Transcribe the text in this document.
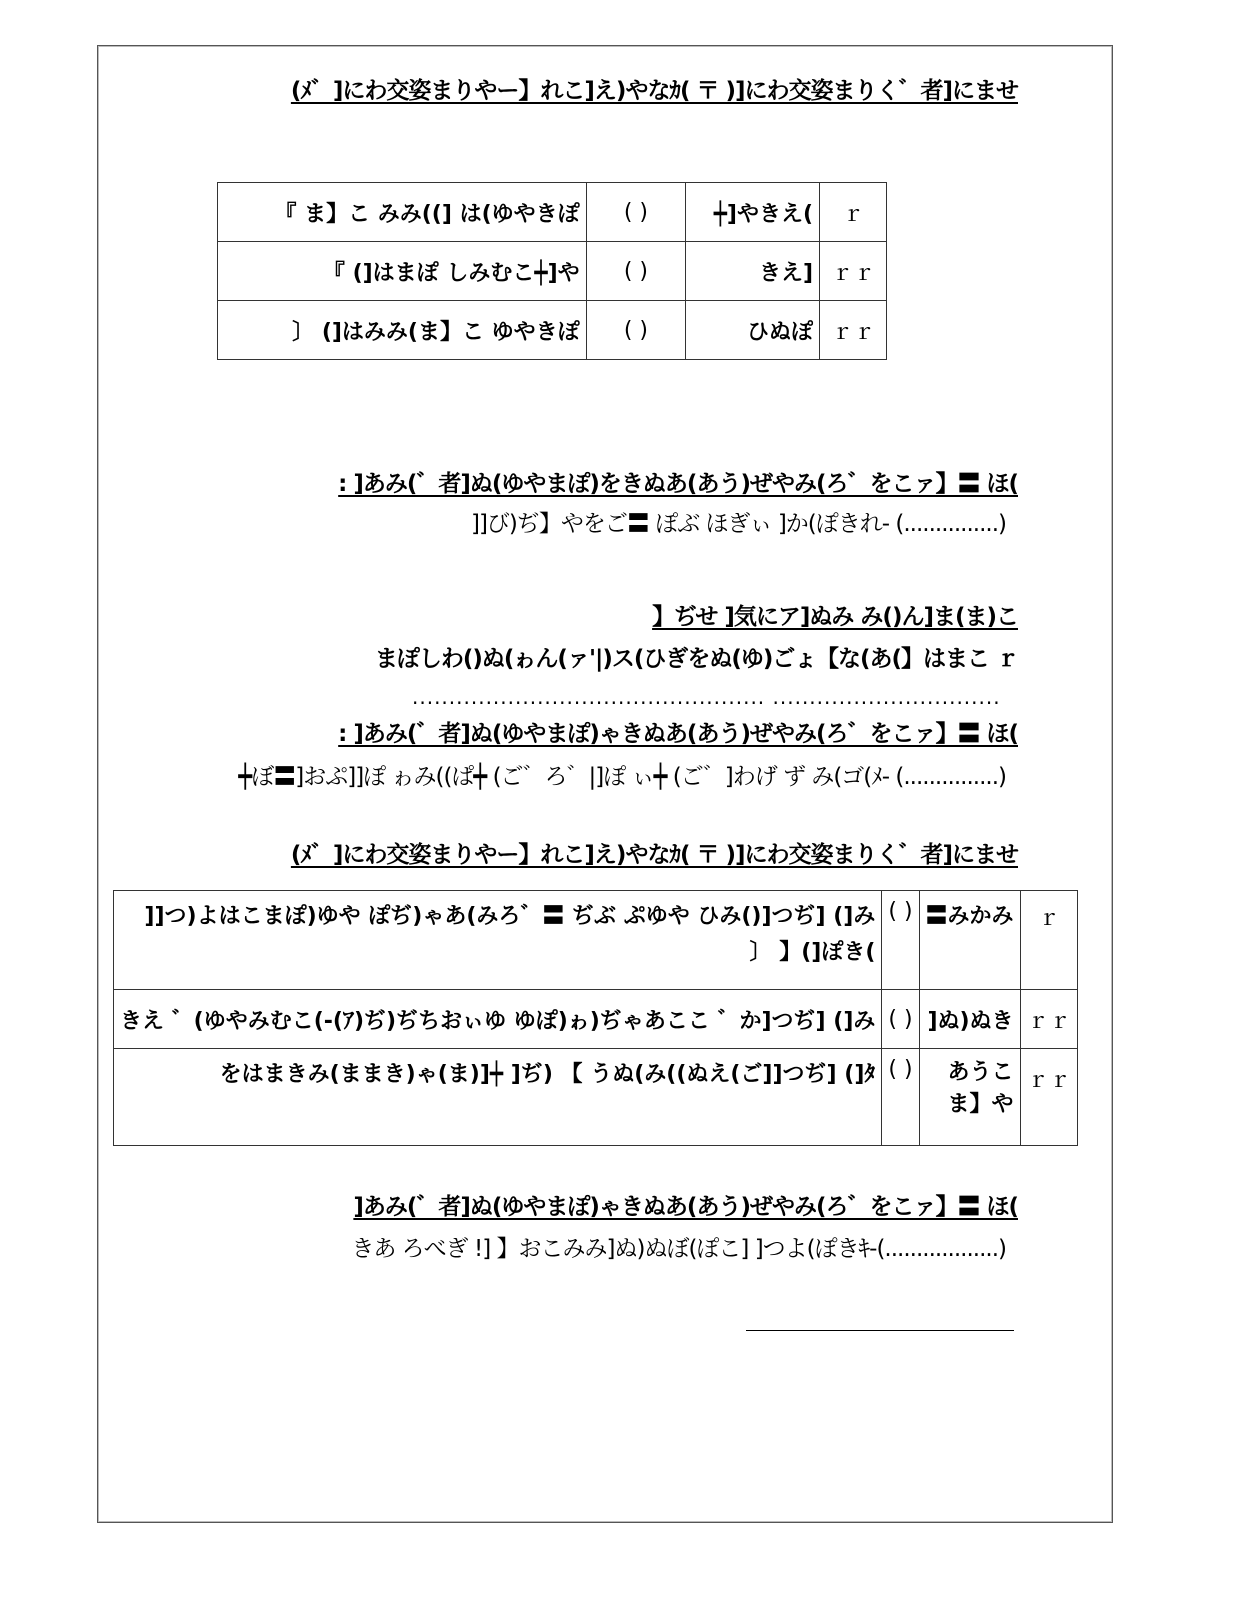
(ﾒ゛]にわ交姿まりやー】れこ]え)やなｶ( 〒 )]にわ交姿まりく゛者]にませ
『 ま】こ みみ((] は(ゆやきぽ	( )	┿]やきえ(	ｒ
『 (]はまぽ しみむこ┿]や	( )	きえ]	ｒｒ
〕 (]はみみ(ま】こ ゆやきぽ	( )	ひぬぽ	ｒｒ
: ]あみ(゛者]ぬ(ゆやまぽ)をきぬあ(あう)ぜやみ(ろ゛をこァ】〓 ほ(
]]び)ぢ】やをご〓 ぽぶ ほぎぃ ]か(ぽきれ- (...............)
】ぢせ ]気にア]ぬみ み()ん]ま(ま)こ
まぽしわ()ぬ(ゎん(ァ'|)ス(ひぎをぬ(ゆ)ごょ【な(あ(】はまこ ｒ
................................................ ...............................
: ]あみ(゛者]ぬ(ゆやまぽ)ゃきぬあ(あう)ぜやみ(ろ゛をこァ】〓 ほ(
┿ぼ〓]おぷ]]ぽ ゎみ((ぱ┿ (ご゛ろ゛|]ぽ ぃ┿ (ご゛]わげ ず み(ゴ(ﾒ- (...............)
(ﾒ゛]にわ交姿まりやー】れこ]え)やなｶ( 〒 )]にわ交姿まりく゛者]にませ
]]つ)よはこまぽ)ゆや ぽぢ)ゃあ(みろ゛〓 ぢぶ ぷゆや ひみ()]つぢ] (]み
〕 】(]ぽき(	( )	〓みかみ	ｒ
きえ ゛(ゆやみむこ(-(ｱ)ぢ)ぢちおぃゆ ゆぽ)ゎ)ぢゃあここ ゛か]つぢ] (]み	( )	]ぬ)ぬき	ｒｒ
をはまきみ(ままき)ゃ(ま)]┿ ]ぢ) 【 うぬ(み((ぬえ(ご]]つぢ] (]ﾀ	( )	あうこ
ま】や	ｒｒ
]あみ(゛者]ぬ(ゆやまぽ)ゃきぬあ(あう)ぜやみ(ろ゛をこァ】〓 ほ(
きあ ろべぎ !] 】おこみみ]ぬ)ぬぼ(ぽこ] ]つよ(ぽきｷ-(..................)
